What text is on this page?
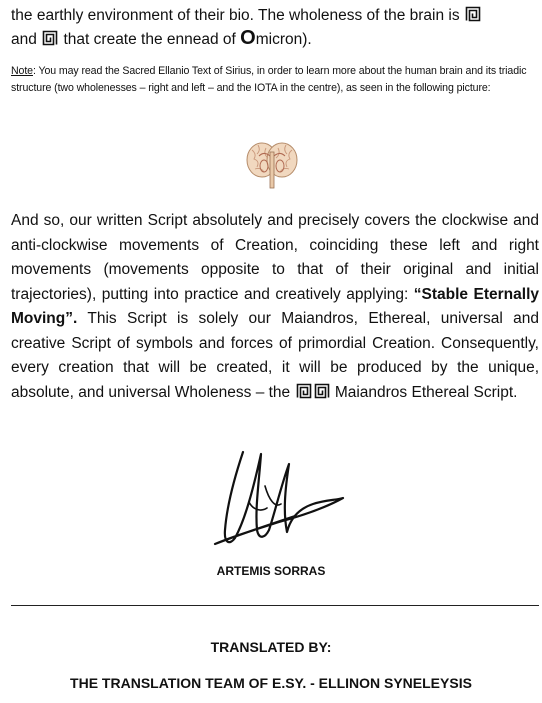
the earthly environment of their bio. The wholeness of the brain is
and that create the ennead of Omicron).

Note: You may read the Sacred Ellanio Text of Sirius, in order to learn more about the human brain and its triadic structure (two wholenesses – right and left – and the IOTA in the centre), as seen in the following picture:

And so, our written Script absolutely and precisely covers the clockwise and anti-clockwise movements of Creation, coinciding these left and right movements (movements opposite to that of their original and initial trajectories), putting into practice and creatively applying: “Stable Eternally Moving”. This Script is solely our Maiandros, Ethereal, universal and creative Script of symbols and forces of primordial Creation. Consequently, every creation that will be created, it will be produced by the unique, absolute, and universal Wholeness – the	Maiandros Ethereal Script.

ARTEMIS SORRAS
TRANSLATED BY:
THE TRANSLATION TEAM OF E.SY. - ELLINON SYNELEYSIS
